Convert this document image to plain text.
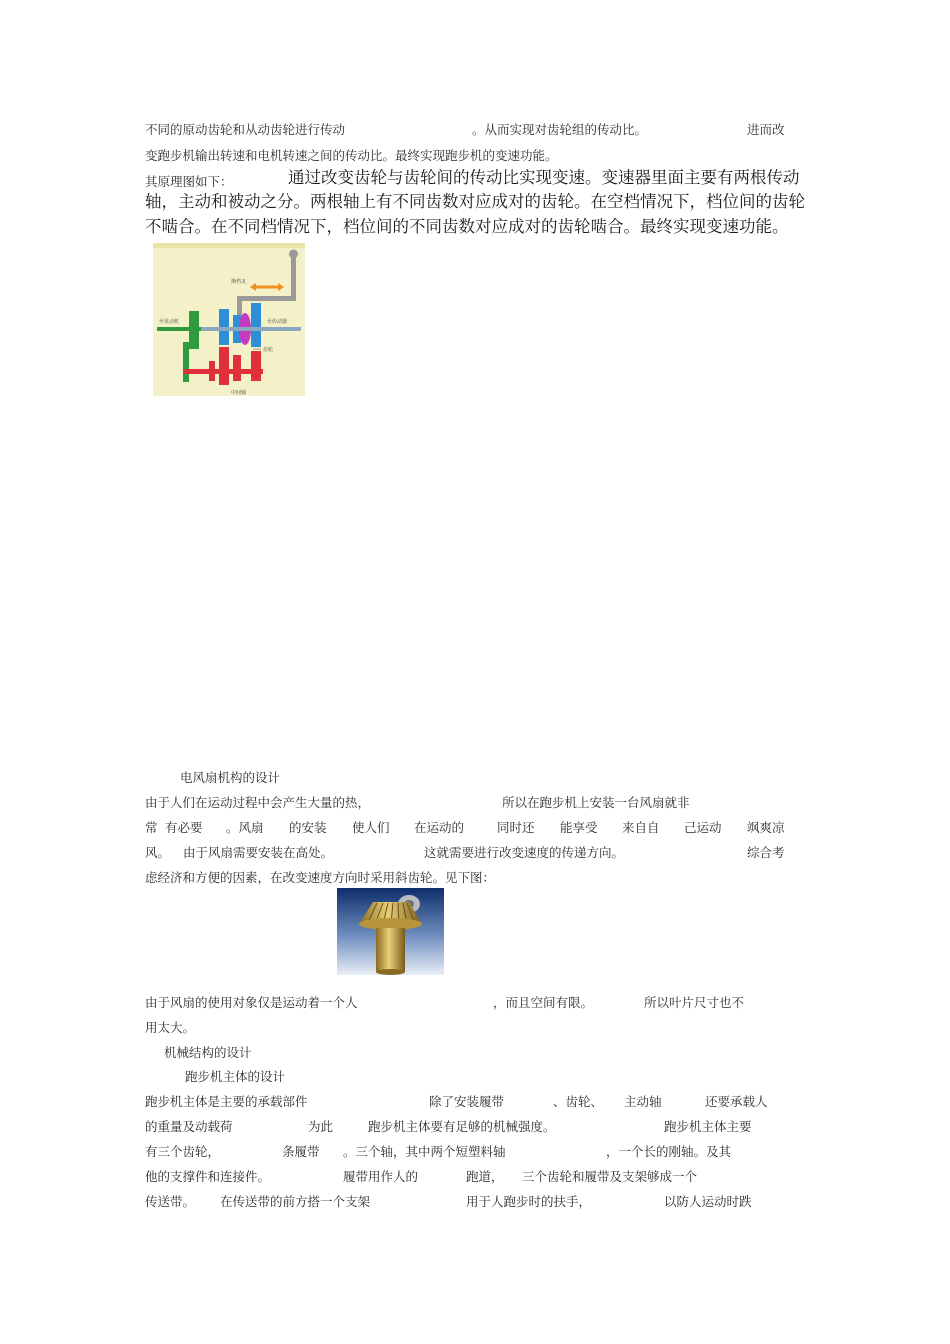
不同的原动齿轮和从动齿轮进行传动	。从而实现对齿轮组的传动比。	进而改
变跑步机输出转速和电机转速之间的传动比。最终实现跑步机的变速功能。
其原理图如下：	通过改变齿轮与齿轮间的传动比实现变速。变速器里面主要有两根传动
轴，主动和被动之分。两根轴上有不同齿数对应成对的齿轮。在空档情况下，档位间的齿轮
不啮合。在不同档情况下，档位间的不同齿数对应成对的齿轮啮合。最终实现变速功能。
换档叉
至发动机	至传动器
齿轮
中间轴
电风扇机构的设计
由于人们在运动过程中会产生大量的热，	所以在跑步机上安装一台风扇就非
常 有必要 。风扇 的安装 使人们 在运动的	同时还 能享受 来自自 己运动 飒爽凉
风。 由于风扇需要安装在高处。	这就需要进行改变速度的传递方向。	综合考
虑经济和方便的因素，在改变速度方向时采用斜齿轮。见下图：
由于风扇的使用对象仅是运动着一个人	，而且空间有限。	所以叶片尺寸也不
用太大。
机械结构的设计
跑步机主体的设计
跑步机主体是主要的承载部件	除了安装履带	、齿轮、 主动轴	还要承载人
的重量及动载荷	为此	跑步机主体要有足够的机械强度。	跑步机主体主要
有三个齿轮，	条履带 。三个轴，其中两个短塑料轴	，一个长的刚轴。及其
他的支撑件和连接件。	履带用作人的	跑道， 三个齿轮和履带及支架够成一个
传送带。 在传送带的前方搭一个支架	用于人跑步时的扶手，	以防人运动时跌
